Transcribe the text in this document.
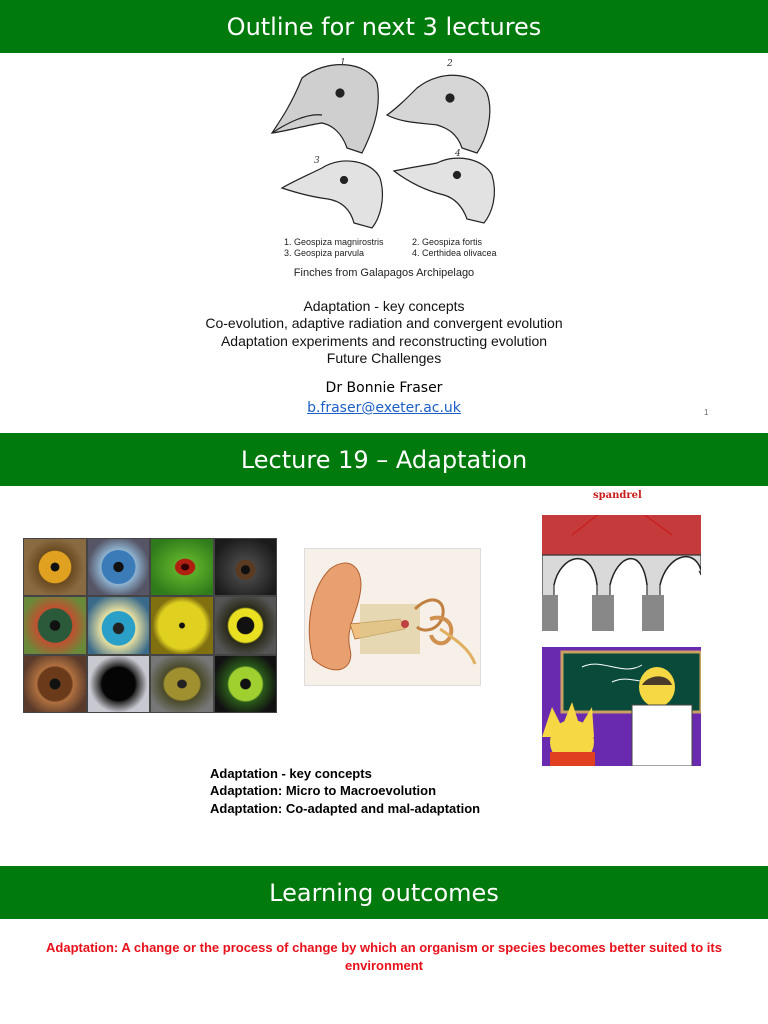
Outline for next 3 lectures
1	2
3
4
1. Geospiza magnirostris
3. Geospiza parvula
2. Geospiza fortis
4. Certhidea olivacea
Finches from Galapagos Archipelago
Adaptation - key concepts
Co-evolution, adaptive radiation and convergent evolution
Adaptation experiments and reconstructing evolution
Future Challenges
Dr Bonnie Fraser
b.fraser@exeter.ac.uk	1
Lecture 19 – Adaptation
spandrel
Adaptation - key concepts
Adaptation: Micro to Macroevolution
Adaptation: Co-adapted and mal-adaptation
Learning outcomes
Adaptation: A change or the process of change by which an organism or species becomes better suited to its environment
